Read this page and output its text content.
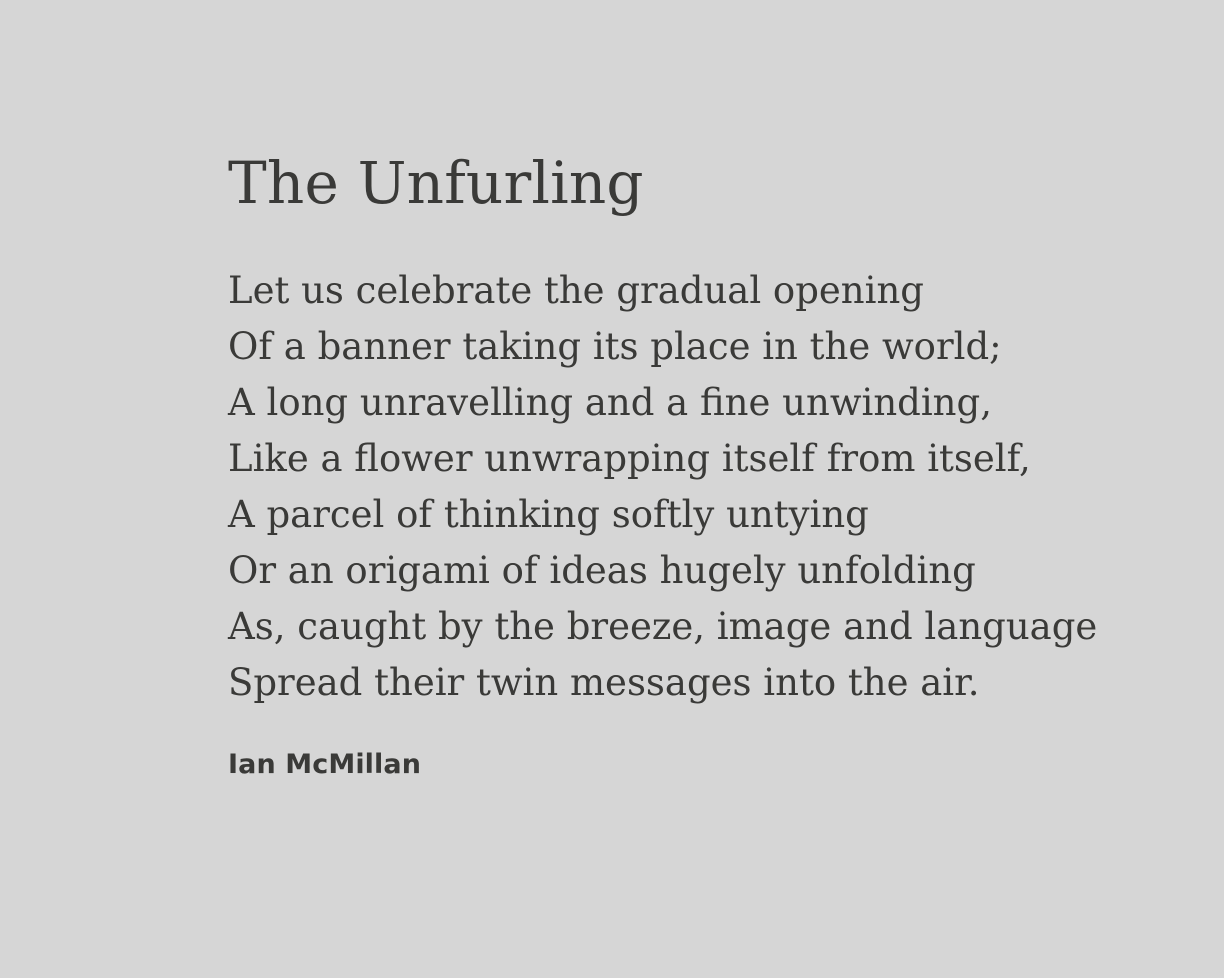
The Unfurling
Let us celebrate the gradual opening
Of a banner taking its place in the world;
A long unravelling and a fine unwinding,
Like a flower unwrapping itself from itself,
A parcel of thinking softly untying
Or an origami of ideas hugely unfolding
As, caught by the breeze, image and language
Spread their twin messages into the air.
Ian McMillan
